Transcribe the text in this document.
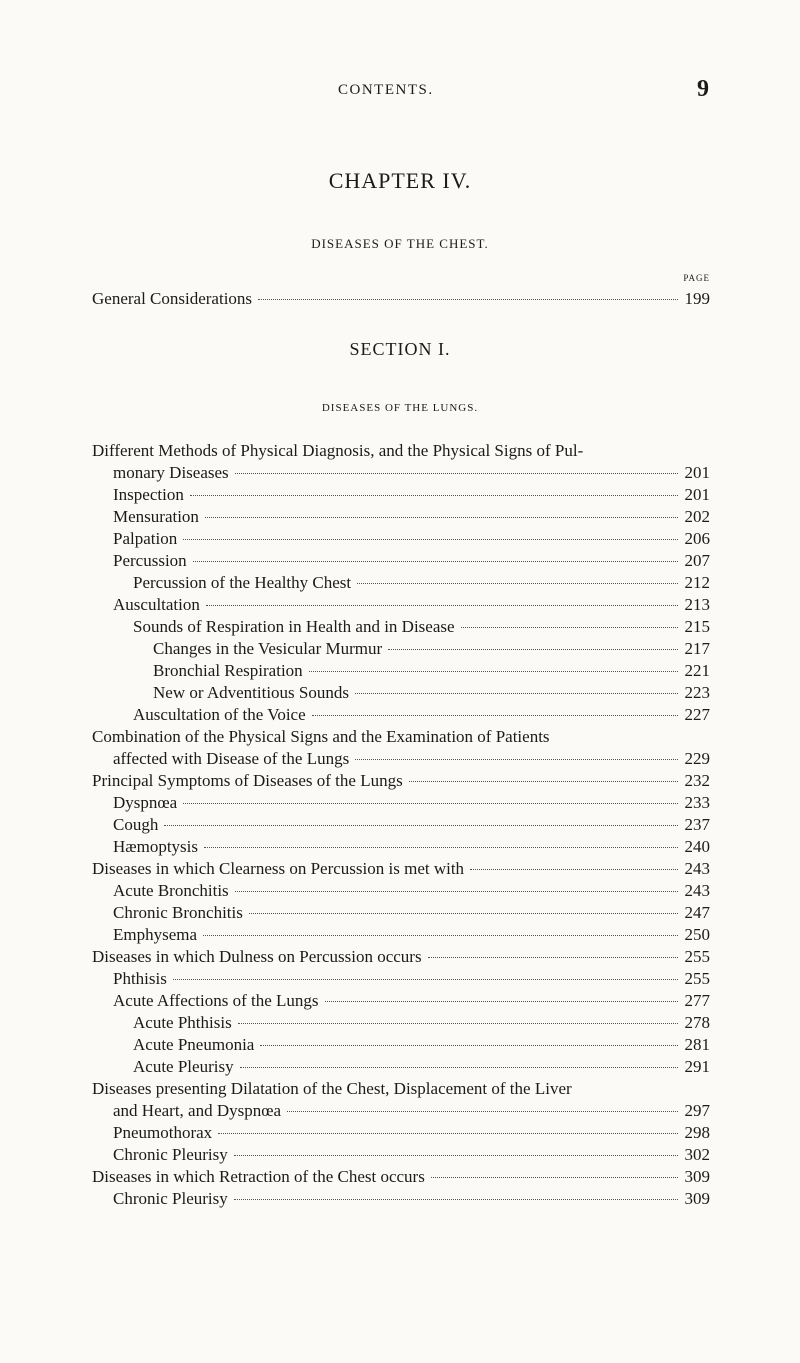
CONTENTS.	9
CHAPTER IV.
DISEASES OF THE CHEST.
PAGE
General Considerations	199
SECTION I.
DISEASES OF THE LUNGS.
Different Methods of Physical Diagnosis, and the Physical Signs of Pul-
monary Diseases	201
Inspection	201
Mensuration	202
Palpation	206
Percussion	207
Percussion of the Healthy Chest	212
Auscultation	213
Sounds of Respiration in Health and in Disease	215
Changes in the Vesicular Murmur	217
Bronchial Respiration	221
New or Adventitious Sounds	223
Auscultation of the Voice	227
Combination of the Physical Signs and the Examination of Patients
affected with Disease of the Lungs	229
Principal Symptoms of Diseases of the Lungs	232
Dyspnœa	233
Cough	237
Hæmoptysis	240
Diseases in which Clearness on Percussion is met with	243
Acute Bronchitis	243
Chronic Bronchitis	247
Emphysema	250
Diseases in which Dulness on Percussion occurs	255
Phthisis	255
Acute Affections of the Lungs	277
Acute Phthisis	278
Acute Pneumonia	281
Acute Pleurisy	291
Diseases presenting Dilatation of the Chest, Displacement of the Liver
and Heart, and Dyspnœa	297
Pneumothorax	298
Chronic Pleurisy	302
Diseases in which Retraction of the Chest occurs	309
Chronic Pleurisy	309
